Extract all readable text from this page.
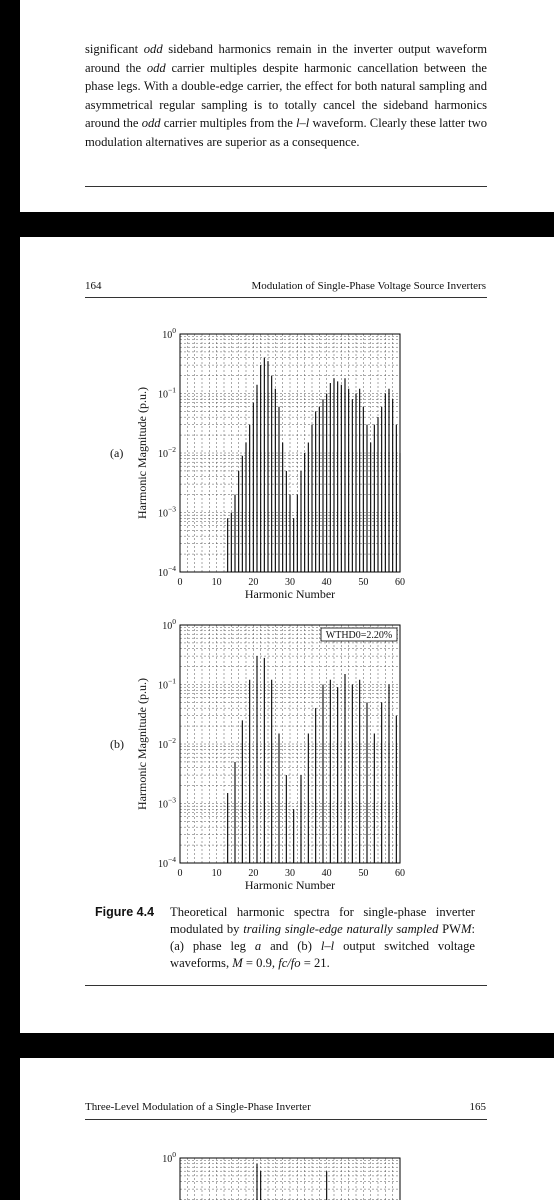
significant odd sideband harmonics remain in the inverter output waveform around the odd carrier multiples despite harmonic cancellation between the phase legs. With a double-edge carrier, the effect for both natural sampling and asymmetrical regular sampling is to totally cancel the sideband harmonics around the odd carrier multiples from the l–l waveform. Clearly these latter two modulation alternatives are superior as a consequence.

164	Modulation of Single-Phase Voltage Source Inverters
$10^0$
$10^{-1}$
$10^{-2}$
$10^{-3}$
$10^{-4}$
0	10	20	30	40	50	60
Harmonic Number
Harmonic Magnitude (p.u.)
(a)
$10^0$
$10^{-1}$
$10^{-2}$
$10^{-3}$
$10^{-4}$
0	10	20	30	40	50	60
Harmonic Number
Harmonic Magnitude (p.u.)
(b)
WTHD0=2.20%
Figure 4.4 Theoretical harmonic spectra for single-phase inverter modulated by trailing single-edge naturally sampled PWM: (a) phase leg a and (b) l–l output switched voltage waveforms, M = 0.9, fc/fo = 21.

Three-Level Modulation of a Single-Phase Inverter	165
$10^0$
